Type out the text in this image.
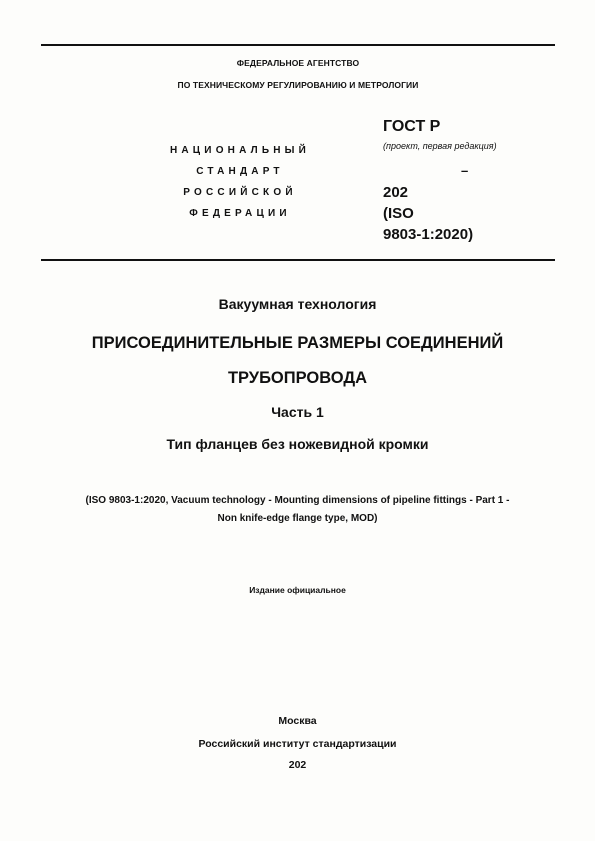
ФЕДЕРАЛЬНОЕ АГЕНТСТВО
ПО ТЕХНИЧЕСКОМУ РЕГУЛИРОВАНИЮ И МЕТРОЛОГИИ
НАЦИОНАЛЬНЫЙ
СТАНДАРТ
РОССИЙСКОЙ
ФЕДЕРАЦИИ
ГОСТ Р
(проект, первая редакция)
–
202
(ISO
9803-1:2020)
Вакуумная технология
ПРИСОЕДИНИТЕЛЬНЫЕ РАЗМЕРЫ СОЕДИНЕНИЙ
ТРУБОПРОВОДА
Часть 1
Тип фланцев без ножевидной кромки
(ISO 9803-1:2020, Vacuum technology - Mounting dimensions of pipeline fittings - Part 1 -
Non knife-edge flange type, MOD)
Издание официальное
Москва
Российский институт стандартизации
202
